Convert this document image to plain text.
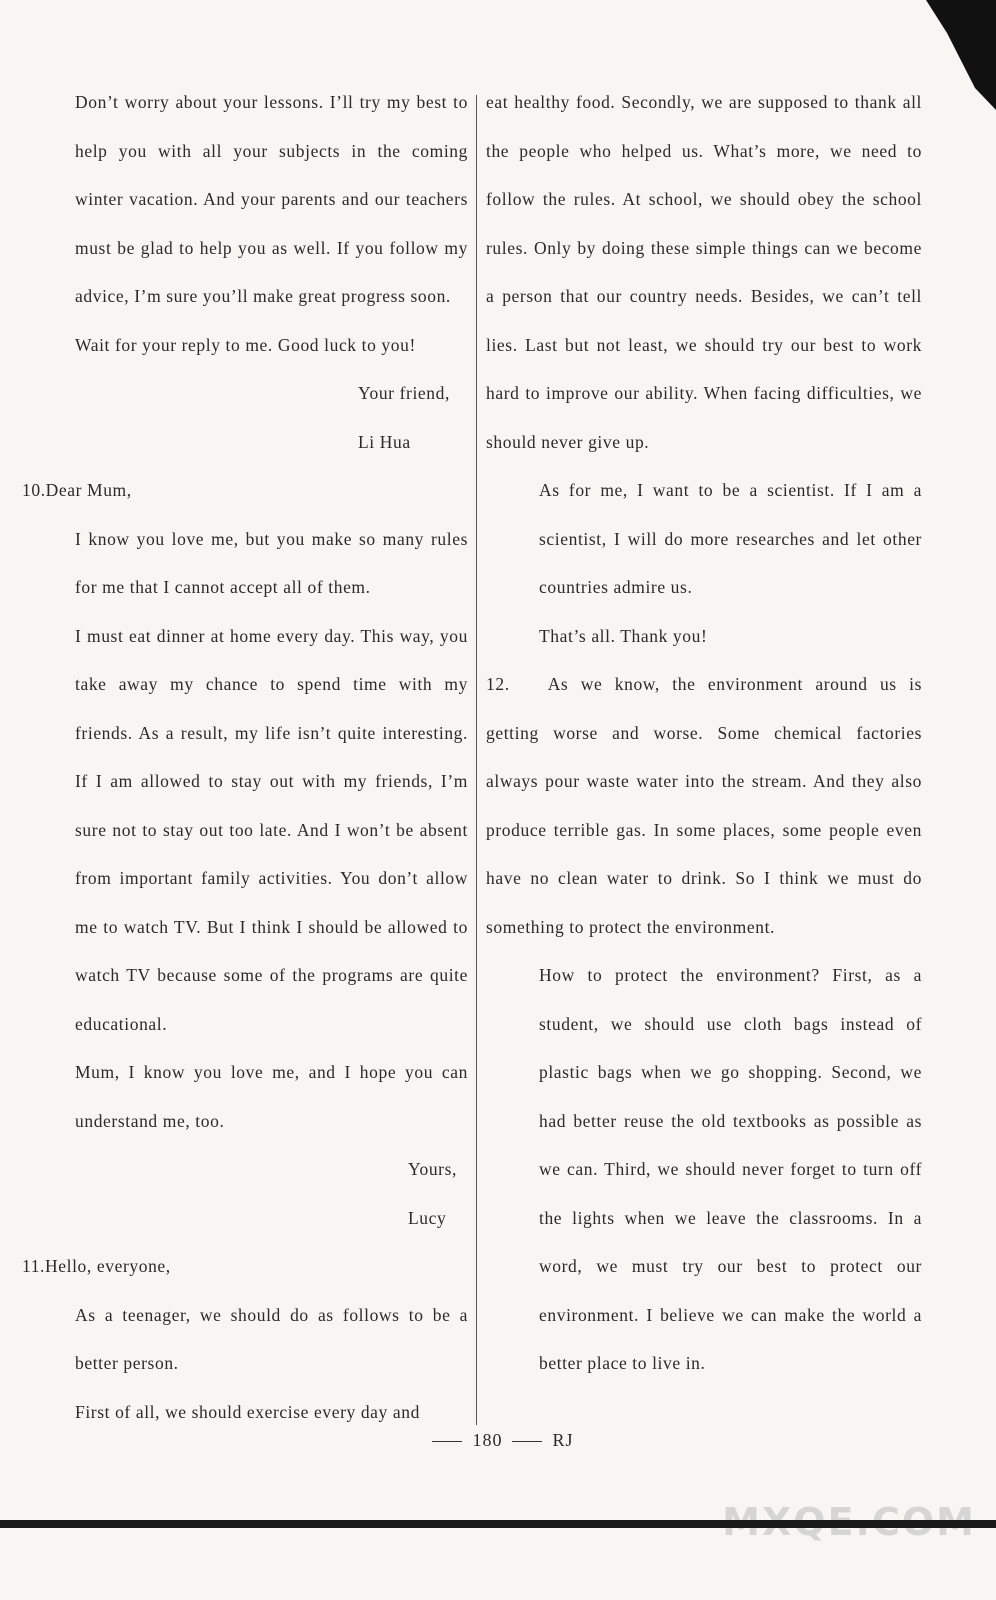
Don’t worry about your lessons. I’ll try my best to help you with all your subjects in the coming winter vacation. And your parents and our teachers must be glad to help you as well. If you follow my advice, I’m sure you’ll make great progress soon.

Wait for your reply to me. Good luck to you!

Your friend,

Li Hua

10.Dear Mum,

I know you love me, but you make so many rules for me that I cannot accept all of them.

I must eat dinner at home every day. This way, you take away my chance to spend time with my friends. As a result, my life isn’t quite interesting. If I am allowed to stay out with my friends, I’m sure not to stay out too late. And I won’t be absent from important family activities. You don’t allow me to watch TV. But I think I should be allowed to watch TV because some of the programs are quite educational.

Mum, I know you love me, and I hope you can understand me, too.

Yours,

Lucy

11.Hello, everyone,

As a teenager, we should do as follows to be a better person.

First of all, we should exercise every day and

eat healthy food. Secondly, we are supposed to thank all the people who helped us. What’s more, we need to follow the rules. At school, we should obey the school rules. Only by doing these simple things can we become a person that our country needs. Besides, we can’t tell lies. Last but not least, we should try our best to work hard to improve our ability. When facing difficulties, we should never give up.

As for me, I want to be a scientist. If I am a scientist, I will do more researches and let other countries admire us.

That’s all. Thank you!

12. As we know, the environment around us is getting worse and worse. Some chemical factories always pour waste water into the stream. And they also produce terrible gas. In some places, some people even have no clean water to drink. So I think we must do something to protect the environment.

How to protect the environment? First, as a student, we should use cloth bags instead of plastic bags when we go shopping. Second, we had better reuse the old textbooks as possible as we can. Third, we should never forget to turn off the lights when we leave the classrooms. In a word, we must try our best to protect our environment. I believe we can make the world a better place to live in.

180	RJ
